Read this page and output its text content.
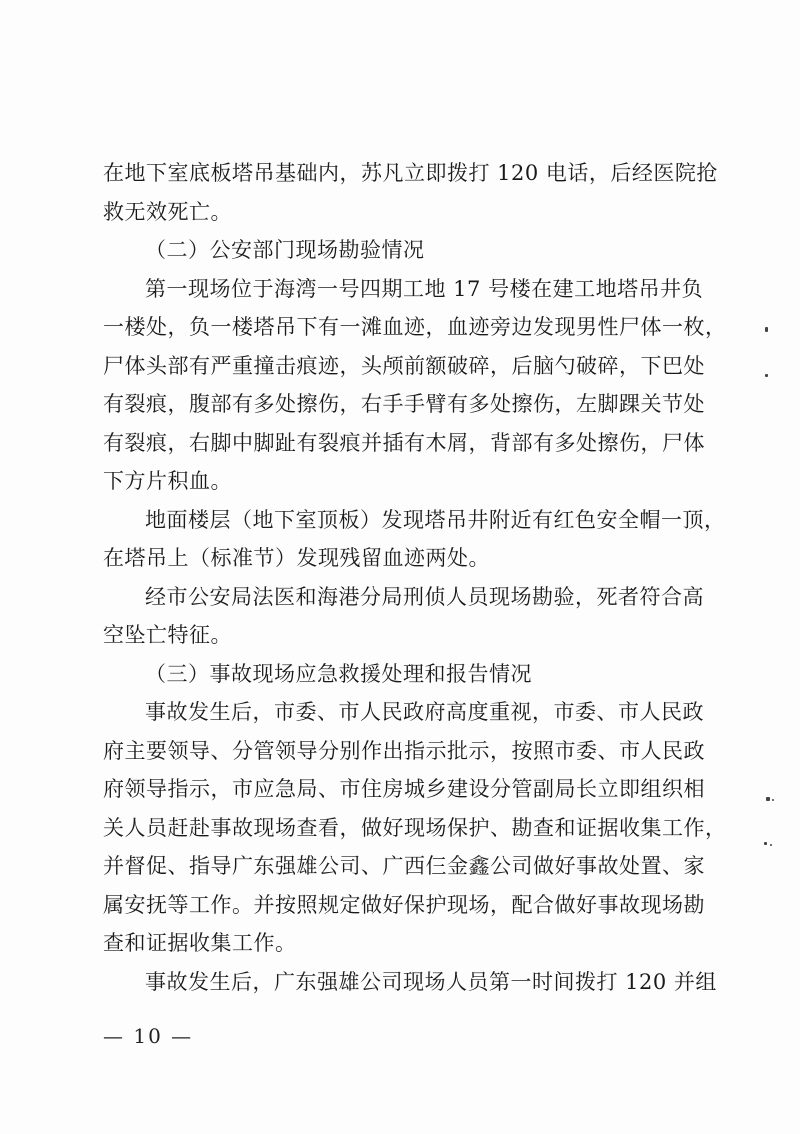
在地下室底板塔吊基础内，苏凡立即拨打 120 电话，后经医院抢
救无效死亡。
（二）公安部门现场勘验情况
第一现场位于海湾一号四期工地 17 号楼在建工地塔吊井负
一楼处，负一楼塔吊下有一滩血迹，血迹旁边发现男性尸体一枚，
尸体头部有严重撞击痕迹，头颅前额破碎，后脑勺破碎，下巴处
有裂痕，腹部有多处擦伤，右手手臂有多处擦伤，左脚踝关节处
有裂痕，右脚中脚趾有裂痕并插有木屑，背部有多处擦伤，尸体
下方片积血。
地面楼层（地下室顶板）发现塔吊井附近有红色安全帽一顶，
在塔吊上（标准节）发现残留血迹两处。
经市公安局法医和海港分局刑侦人员现场勘验，死者符合高
空坠亡特征。
（三）事故现场应急救援处理和报告情况
事故发生后，市委、市人民政府高度重视，市委、市人民政
府主要领导、分管领导分别作出指示批示，按照市委、市人民政
府领导指示，市应急局、市住房城乡建设分管副局长立即组织相
关人员赶赴事故现场查看，做好现场保护、勘查和证据收集工作，
并督促、指导广东强雄公司、广西仨金鑫公司做好事故处置、家
属安抚等工作。并按照规定做好保护现场，配合做好事故现场勘
查和证据收集工作。
事故发生后，广东强雄公司现场人员第一时间拨打 120 并组
— 10 —
